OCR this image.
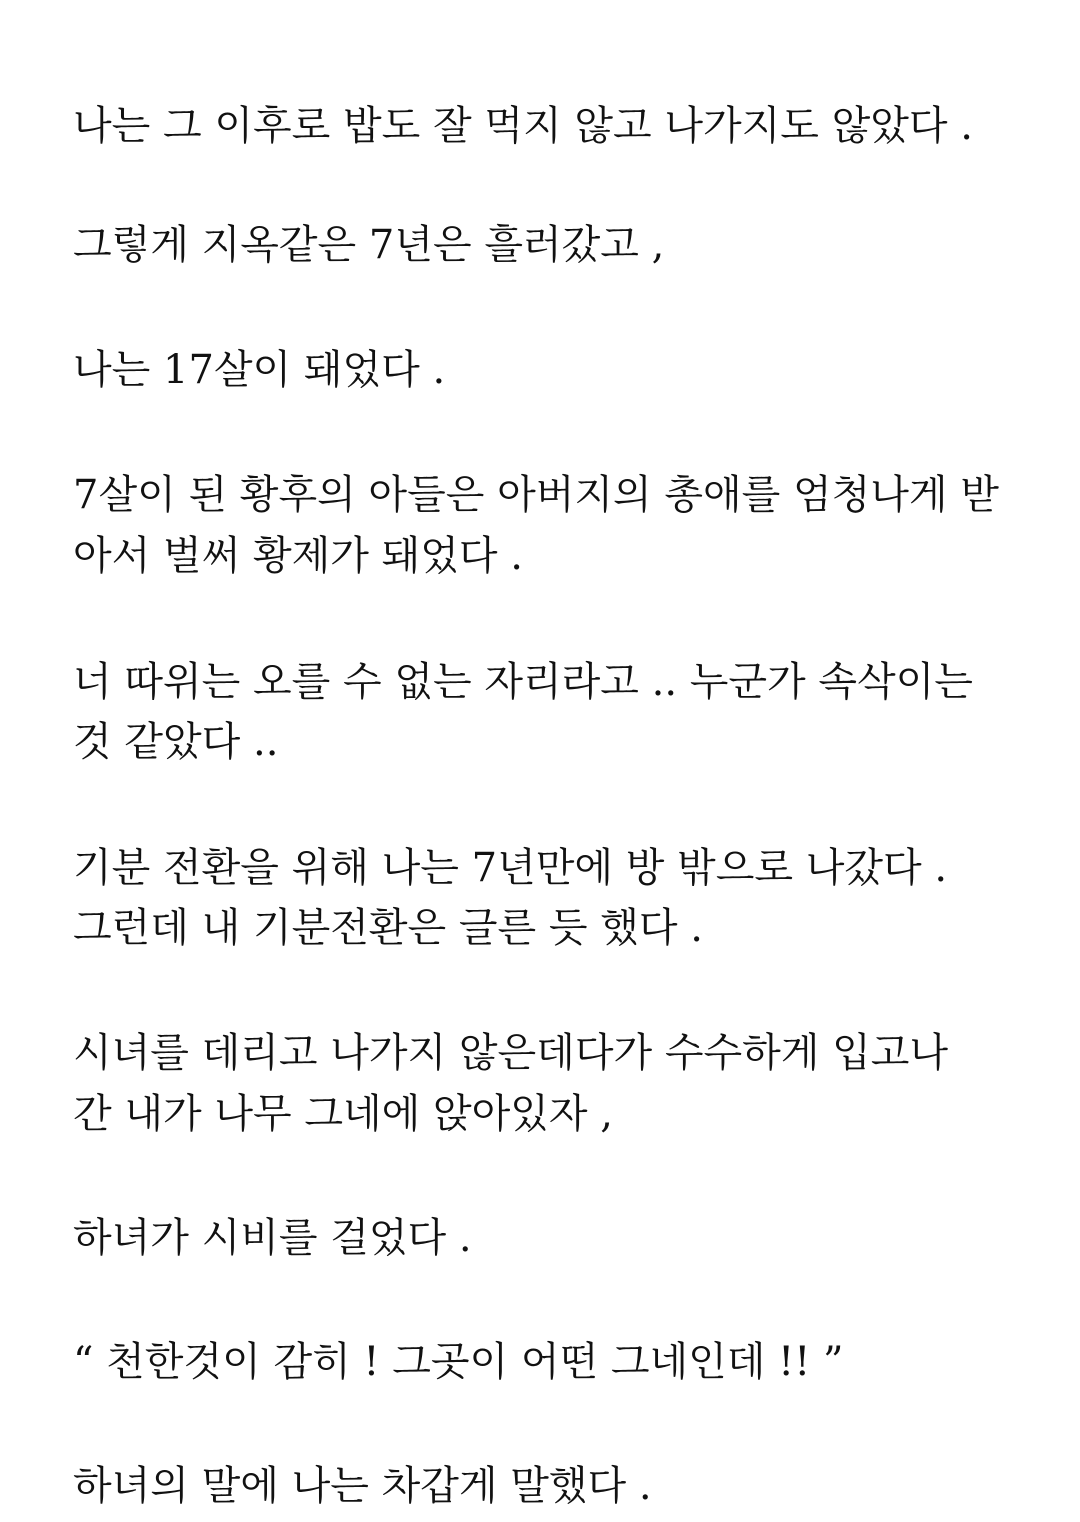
나는 그 이후로 밥도 잘 먹지 않고 나가지도 않았다 .

그렇게 지옥같은 7년은 흘러갔고 ,

나는 17살이 돼었다 .

7살이 된 황후의 아들은 아버지의 총애를 엄청나게 받

아서 벌써 황제가 돼었다 .

너 따위는 오를 수 없는 자리라고 .. 누군가 속삭이는

것 같았다 ..

기분 전환을 위해 나는 7년만에 방 밖으로 나갔다 .

그런데 내 기분전환은 글른 듯 했다 .

시녀를 데리고 나가지 않은데다가 수수하게 입고나

간 내가 나무 그네에 앉아있자 ,

하녀가 시비를 걸었다 .

“ 천한것이 감히 ! 그곳이 어떤 그네인데 !! ”

하녀의 말에 나는 차갑게 말했다 .
